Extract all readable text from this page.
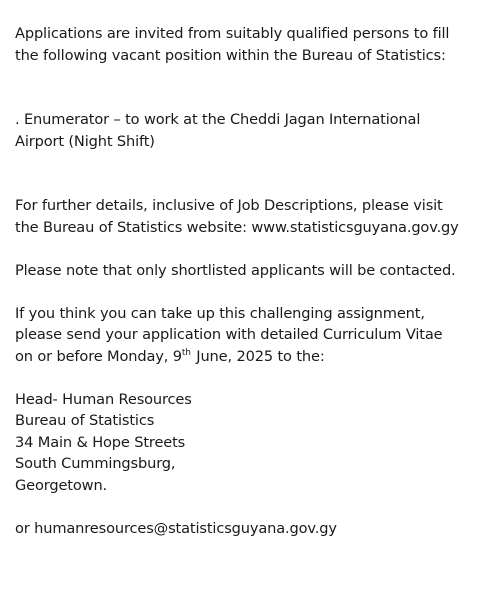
Applications are invited from suitably qualified persons to fill
the following vacant position within the Bureau of Statistics:
. Enumerator – to work at the Cheddi Jagan International
Airport (Night Shift)
For further details, inclusive of Job Descriptions, please visit
the Bureau of Statistics website: www.statisticsguyana.gov.gy
Please note that only shortlisted applicants will be contacted.
If you think you can take up this challenging assignment,
please send your application with detailed Curriculum Vitae
on or before Monday, 9th June, 2025 to the:
Head- Human Resources
Bureau of Statistics
34 Main & Hope Streets
South Cummingsburg,
Georgetown.
or humanresources@statisticsguyana.gov.gy
